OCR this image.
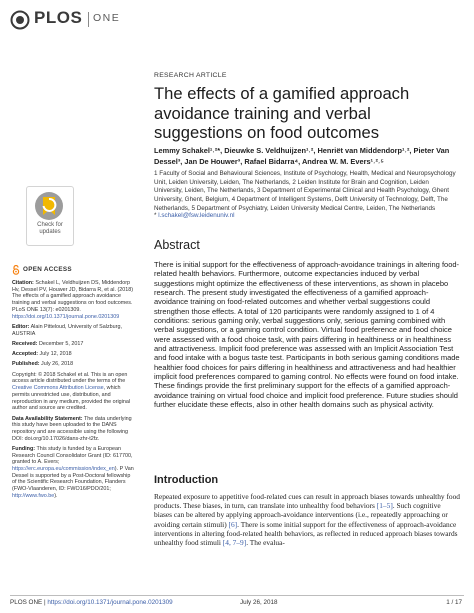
PLOS ONE
RESEARCH ARTICLE
The effects of a gamified approach avoidance training and verbal suggestions on food outcomes
Lemmy Schakel¹˒²*, Dieuwke S. Veldhuijzen¹˒², Henriët van Middendorp¹˒², Pieter Van Dessel³, Jan De Houwer³, Rafael Bidarra⁴, Andrea W. M. Evers¹˒²˒⁵
1 Faculty of Social and Behavioural Sciences, Institute of Psychology, Health, Medical and Neuropsychology Unit, Leiden University, Leiden, The Netherlands, 2 Leiden Institute for Brain and Cognition, Leiden University, Leiden, The Netherlands, 3 Department of Experimental Clinical and Health Psychology, Ghent University, Ghent, Belgium, 4 Department of Intelligent Systems, Delft University of Technology, Delft, The Netherlands, 5 Department of Psychiatry, Leiden University Medical Centre, Leiden, The Netherlands
* l.schakel@fsw.leidenuniv.nl
Check for updates
Abstract
There is initial support for the effectiveness of approach-avoidance trainings in altering food-related health behaviors. Furthermore, outcome expectancies induced by verbal suggestions might optimize the effectiveness of these interventions, as shown in placebo research. The present study investigated the effectiveness of a gamified approach-avoidance training on food-related outcomes and whether verbal suggestions could strengthen those effects. A total of 120 participants were randomly assigned to 1 of 4 conditions: serious gaming only, verbal suggestions only, serious gaming combined with verbal suggestions, or a gaming control condition. Virtual food preference and food choice were assessed with a food choice task, with pairs differing in healthiness or in healthiness and attractiveness. Implicit food preference was assessed with an Implicit Association Test and food intake with a bogus taste test. Participants in both serious gaming conditions made healthier food choices for pairs differing in healthiness and attractiveness and had healthier implicit food preferences compared to gaming control. No effects were found on food intake. These findings provide the first preliminary support for the effects of a gamified approach-avoidance training on virtual food choice and implicit food preference. Future studies should further elucidate these effects, also in other health domains such as physical activity.
OPEN ACCESS

Citation: Schakel L, Veldhuijzen DS, Middendorp Hv, Dessel PV, Houwer JD, Bidarra R, et al. (2018) The effects of a gamified approach avoidance training and verbal suggestions on food outcomes. PLoS ONE 13(7): e0201309. https://doi.org/10.1371/journal.pone.0201309

Editor: Alain Pitteloud, University of Salzburg, AUSTRIA

Received: December 5, 2017

Accepted: July 12, 2018

Published: July 26, 2018

Copyright: © 2018 Schakel et al. This is an open access article distributed under the terms of the Creative Commons Attribution License, which permits unrestricted use, distribution, and reproduction in any medium, provided the original author and source are credited.

Data Availability Statement: The data underlying this study have been uploaded to the DANS repository and are accessible using the following DOI: doi.org/10.17026/dans-zhr-t2fz.

Funding: This study is funded by a European Research Council Consolidator Grant (ID: 617700, granted to A. Evers; https://erc.europa.eu/commission/index_en). P Van Dessel is supported by a Post-Doctoral fellowship of the Scientific Research Foundation, Flanders (FWO-Vlaanderen, ID: FWO16/PDO/201; http://www.fwo.be).

Introduction
Repeated exposure to appetitive food-related cues can result in approach biases towards unhealthy food products. These biases, in turn, can translate into unhealthy food behaviors [1–5]. Such cognitive biases can be altered by applying approach-avoidance interventions (i.e., repeatedly approaching or avoiding certain stimuli) [6]. There is some initial support for the effectiveness of approach-avoidance interventions in altering food-related health behaviors, as reflected in reduced approach biases towards unhealthy food stimuli [4, 7–9]. The evalua-
PLOS ONE | https://doi.org/10.1371/journal.pone.0201309	July 26, 2018	1 / 17
